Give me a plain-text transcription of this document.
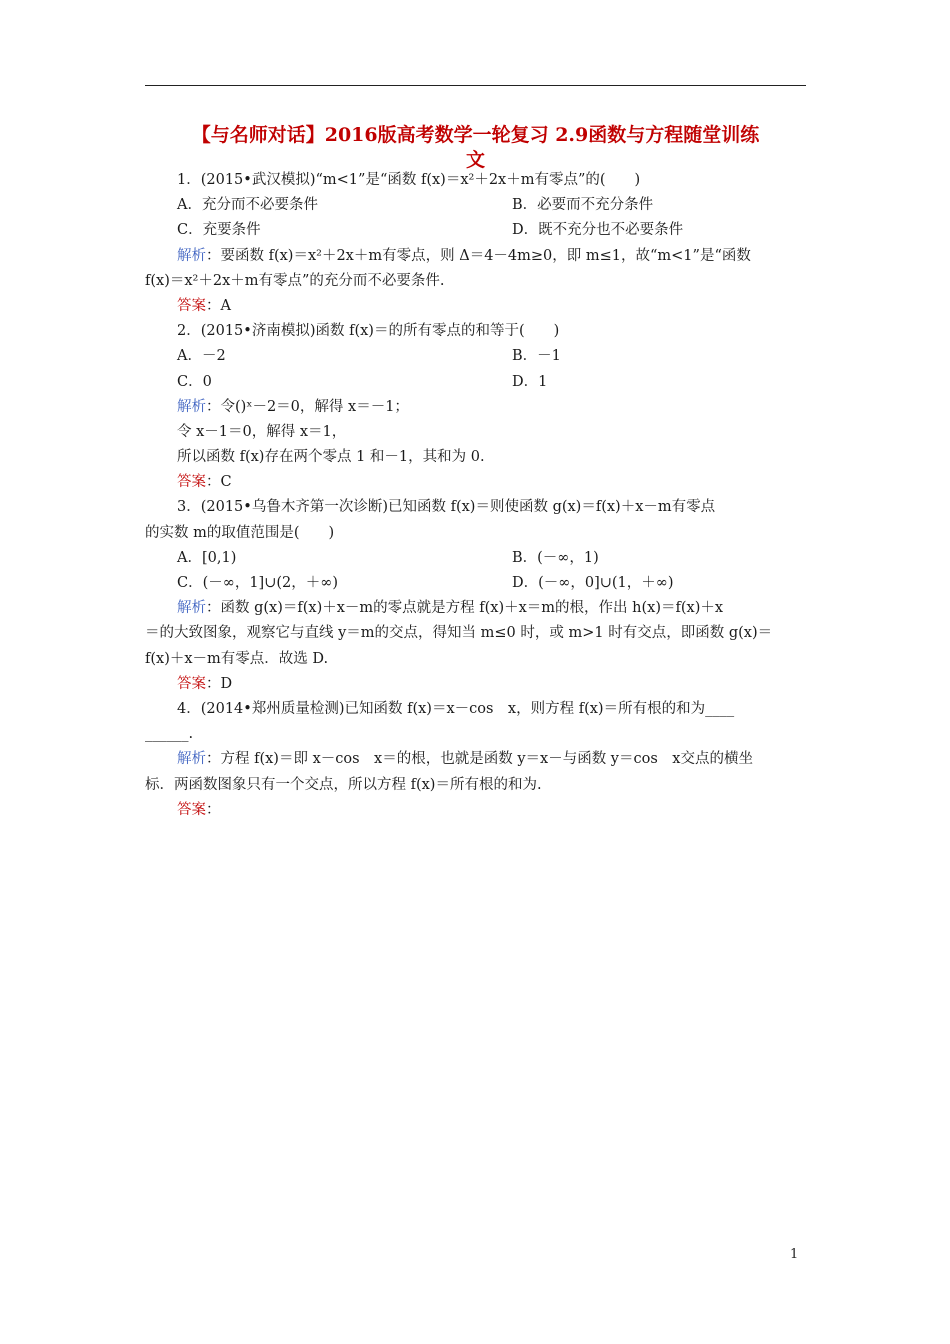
【与名师对话】2016版高考数学一轮复习 2.9函数与方程随堂训练
文
1．(2015•武汉模拟)“m<1”是“函数 f(x)＝x²＋2x＋m有零点”的(　　)
A．充分而不必要条件	B．必要而不充分条件
C．充要条件	D．既不充分也不必要条件
解析：要函数 f(x)＝x²＋2x＋m有零点，则 Δ＝4－4m≥0，即 m≤1，故“m<1”是“函数
f(x)＝x²＋2x＋m有零点”的充分而不必要条件.
答案：A
2．(2015•济南模拟)函数 f(x)＝的所有零点的和等于(　　)
A．－2	B．－1
C．0	D．1
解析：令()ˣ－2＝0，解得 x＝－1；
令 x－1＝0，解得 x＝1，
所以函数 f(x)存在两个零点 1 和－1，其和为 0.
答案：C
3．(2015•乌鲁木齐第一次诊断)已知函数 f(x)＝则使函数 g(x)＝f(x)＋x－m有零点
的实数 m的取值范围是(　　)
A．[0,1)	B．(－∞，1)
C．(－∞，1]∪(2，＋∞)	D．(－∞，0]∪(1，＋∞)
解析：函数 g(x)＝f(x)＋x－m的零点就是方程 f(x)＋x＝m的根，作出 h(x)＝f(x)＋x
＝的大致图象，观察它与直线 y＝m的交点，得知当 m≤0 时，或 m>1 时有交点，即函数 g(x)＝
f(x)＋x－m有零点．故选 D.
答案：D
4．(2014•郑州质量检测)已知函数 f(x)＝x－cos　x，则方程 f(x)＝所有根的和为____
______.
解析：方程 f(x)＝即 x－cos　x＝的根，也就是函数 y＝x－与函数 y＝cos　x交点的横坐
标．两函数图象只有一个交点，所以方程 f(x)＝所有根的和为.
答案：
1
